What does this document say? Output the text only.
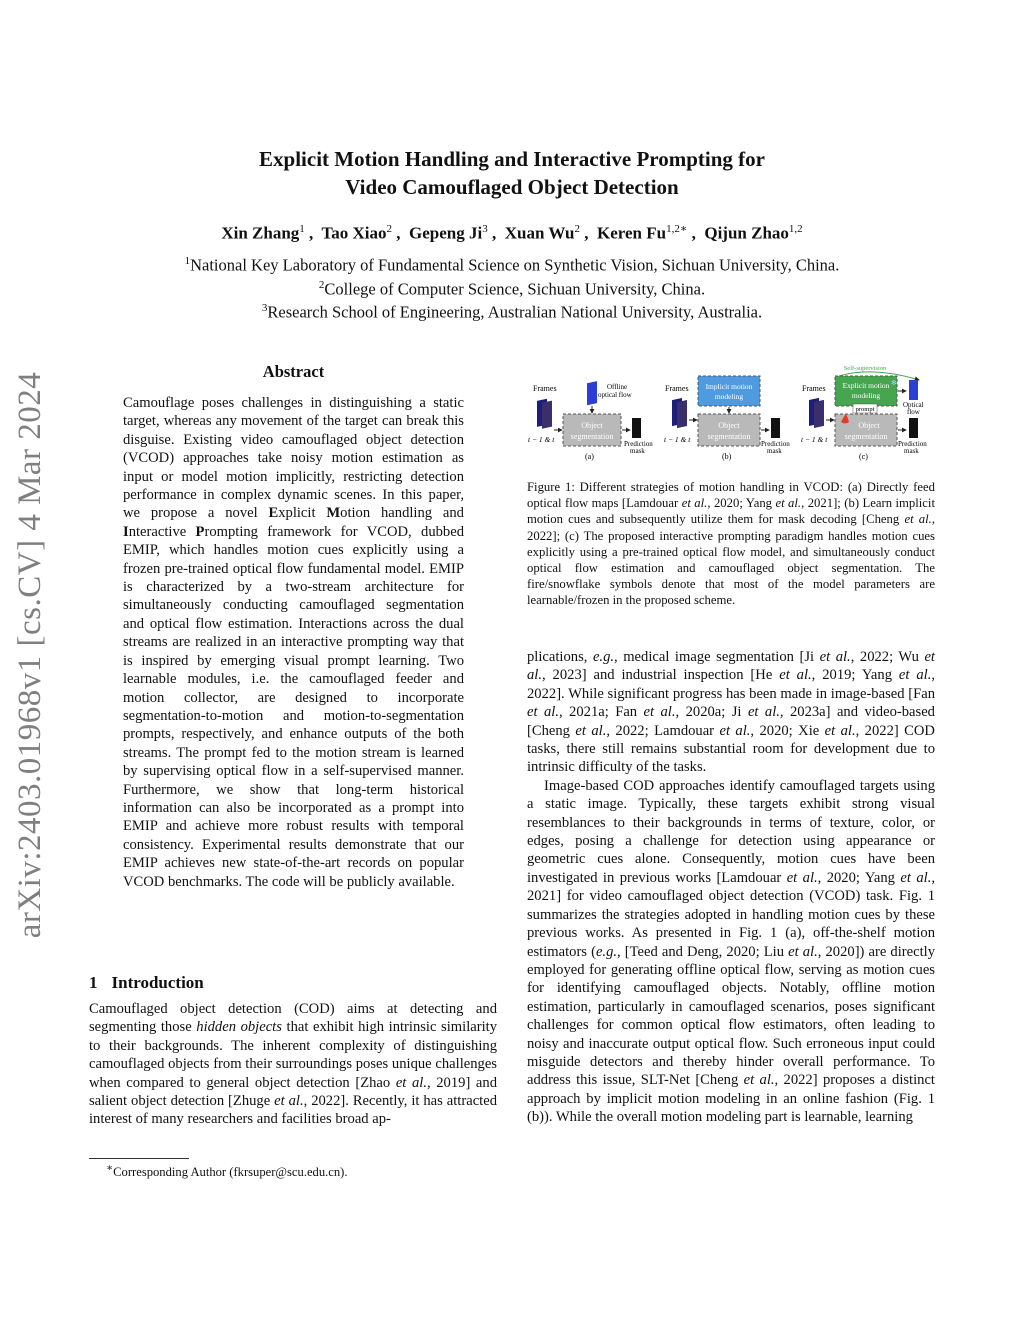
arXiv:2403.01968v1 [cs.CV] 4 Mar 2024
Explicit Motion Handling and Interactive Prompting for
Video Camouflaged Object Detection
Xin Zhang$^1$ ,  Tao Xiao$^2$ ,  Gepeng Ji$^3$ ,  Xuan Wu$^2$ ,  Keren $Fu^{1,2∗}$ ,  Qijun Zhao$^{1,2}$
$^1$National Key Laboratory of Fundamental Science on Synthetic Vision, Sichuan University, China.
$^2$College of Computer Science, Sichuan University, China.
$^3$Research School of Engineering, Australian National University, Australia.
Abstract
Camouflage poses challenges in distinguishing a static target, whereas any movement of the target can break this disguise. Existing video camouflaged object detection (VCOD) approaches take noisy motion estimation as input or model motion implicitly, restricting detection performance in complex dynamic scenes. In this paper, we propose a novel Explicit Motion handling and Interactive Prompting framework for VCOD, dubbed EMIP, which handles motion cues explicitly using a frozen pre-trained optical flow fundamental model. EMIP is characterized by a two-stream architecture for simultaneously conducting camouflaged segmentation and optical flow estimation. Interactions across the dual streams are realized in an interactive prompting way that is inspired by emerging visual prompt learning. Two learnable modules, i.e. the camouflaged feeder and motion collector, are designed to incorporate segmentation-to-motion and motion-to-segmentation prompts, respectively, and enhance outputs of the both streams. The prompt fed to the motion stream is learned by supervising optical flow in a self-supervised manner. Furthermore, we show that long-term historical information can also be incorporated as a prompt into EMIP and achieve more robust results with temporal consistency. Experimental results demonstrate that our EMIP achieves new state-of-the-art records on popular VCOD benchmarks. The code will be publicly available.
1 Introduction
Camouflaged object detection (COD) aims at detecting and segmenting those hidden objects that exhibit high intrinsic similarity to their backgrounds. The inherent complexity of distinguishing camouflaged objects from their surroundings poses unique challenges when compared to general object detection [Zhao et al., 2019] and salient object detection [Zhuge et al., 2022]. Recently, it has attracted interest of many researchers and facilities broad ap-
∗Corresponding Author (fkrsuper@scu.edu.cn).
Frames
t − 1 & t
Offline
optical flow
Object
segmentation
Prediction
mask
(a)
Frames
t − 1 & t
Implicit motion
modeling
Object
segmentation
Prediction
mask
(b)
Self-supervision
Frames
t − 1 & t
Explicit motion
modeling
✻
prompt
Object
segmentation
Optical
flow
Prediction
mask
(c)
Figure 1: Different strategies of motion handling in VCOD: (a) Directly feed optical flow maps [Lamdouar et al., 2020; Yang et al., 2021]; (b) Learn implicit motion cues and subsequently utilize them for mask decoding [Cheng et al., 2022]; (c) The proposed interactive prompting paradigm handles motion cues explicitly using a pre-trained optical flow model, and simultaneously conduct optical flow estimation and camouflaged object segmentation. The fire/snowflake symbols denote that most of the model parameters are learnable/frozen in the proposed scheme.
plications, e.g., medical image segmentation [Ji et al., 2022; Wu et al., 2023] and industrial inspection [He et al., 2019; Yang et al., 2022]. While significant progress has been made in image-based [Fan et al., 2021a; Fan et al., 2020a; Ji et al., 2023a] and video-based [Cheng et al., 2022; Lamdouar et al., 2020; Xie et al., 2022] COD tasks, there still remains substantial room for development due to intrinsic difficulty of the tasks.
Image-based COD approaches identify camouflaged targets using a static image. Typically, these targets exhibit strong visual resemblances to their backgrounds in terms of texture, color, or edges, posing a challenge for detection using appearance or geometric cues alone. Consequently, motion cues have been investigated in previous works [Lamdouar et al., 2020; Yang et al., 2021] for video camouflaged object detection (VCOD) task. Fig. 1 summarizes the strategies adopted in handling motion cues by these previous works. As presented in Fig. 1 (a), off-the-shelf motion estimators (e.g., [Teed and Deng, 2020; Liu et al., 2020]) are directly employed for generating offline optical flow, serving as motion cues for identifying camouflaged objects. Notably, offline motion estimation, particularly in camouflaged scenarios, poses significant challenges for common optical flow estimators, often leading to noisy and inaccurate output optical flow. Such erroneous input could misguide detectors and thereby hinder overall performance. To address this issue, SLT-Net [Cheng et al., 2022] proposes a distinct approach by implicit motion modeling in an online fashion (Fig. 1 (b)). While the overall motion modeling part is learnable, learning
